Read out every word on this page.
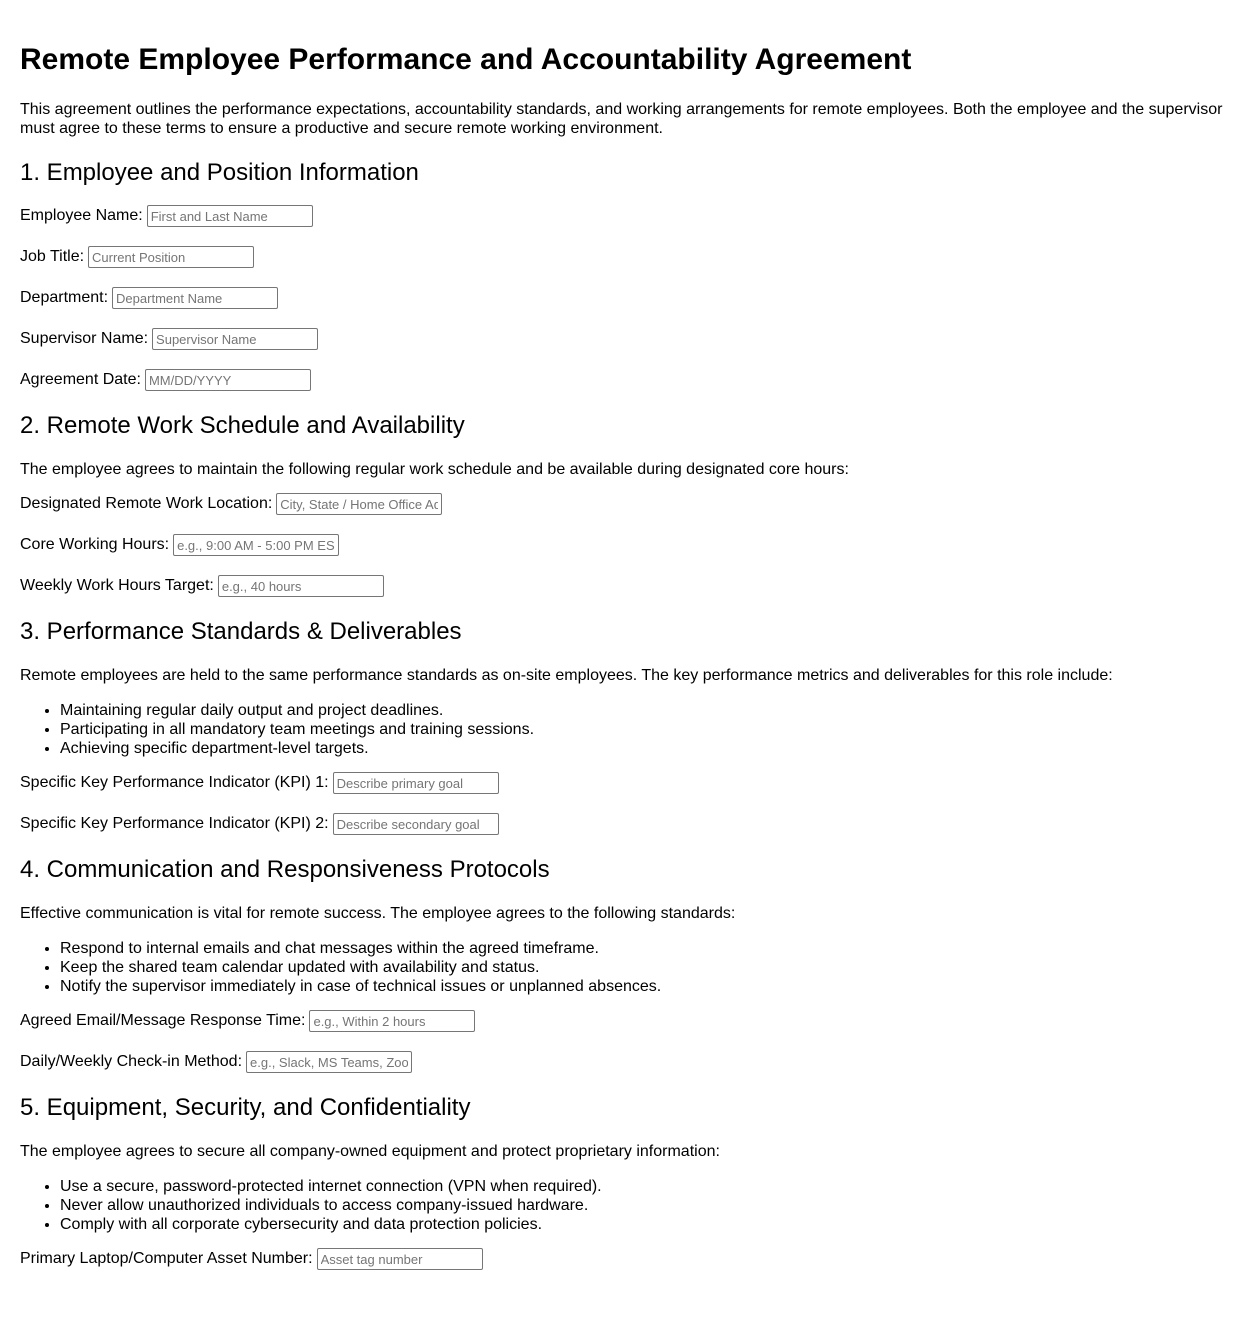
Remote Employee Performance and Accountability Agreement

This agreement outlines the performance expectations, accountability standards, and working arrangements for remote employees. Both the employee and the supervisor must agree to these terms to ensure a productive and secure remote working environment.

1. Employee and Position Information
Employee Name:
First and Last Name
Job Title:
Current Position
Department:
Department Name
Supervisor Name:
Supervisor Name
Agreement Date:
MM/DD/YYYY
2. Remote Work Schedule and Availability

The employee agrees to maintain the following regular work schedule and be available during designated core hours:

Designated Remote Work Location:
City, State / Home Office Address
Core Working Hours:
e.g., 9:00 AM - 5:00 PM EST
Weekly Work Hours Target:
e.g., 40 hours
3. Performance Standards & Deliverables

Remote employees are held to the same performance standards as on-site employees. The key performance metrics and deliverables for this role include:

• Maintaining regular daily output and project deadlines.
• Participating in all mandatory team meetings and training sessions.
• Achieving specific department-level targets.
Specific Key Performance Indicator (KPI) 1:
Describe primary goal
Specific Key Performance Indicator (KPI) 2:
Describe secondary goal
4. Communication and Responsiveness Protocols

Effective communication is vital for remote success. The employee agrees to the following standards:

• Respond to internal emails and chat messages within the agreed timeframe.
• Keep the shared team calendar updated with availability and status.
• Notify the supervisor immediately in case of technical issues or unplanned absences.
Agreed Email/Message Response Time:
e.g., Within 2 hours
Daily/Weekly Check-in Method:
e.g., Slack, MS Teams, Zoom
5. Equipment, Security, and Confidentiality

The employee agrees to secure all company-owned equipment and protect proprietary information:

• Use a secure, password-protected internet connection (VPN when required).
• Never allow unauthorized individuals to access company-issued hardware.
• Comply with all corporate cybersecurity and data protection policies.
Primary Laptop/Computer Asset Number:
Asset tag number
